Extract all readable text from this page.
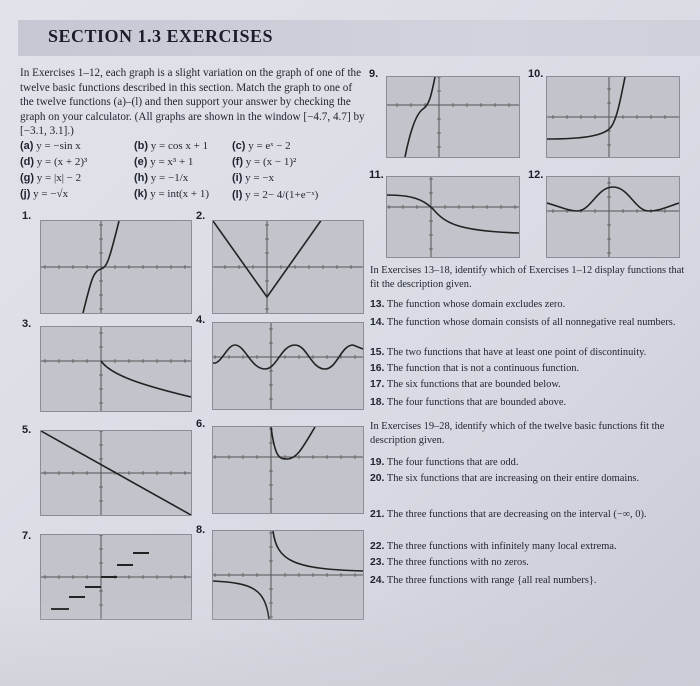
SECTION 1.3 EXERCISES
In Exercises 1–12, each graph is a slight variation on the graph of one of the twelve basic functions described in this section. Match the graph to one of the twelve functions (a)–(l) and then support your answer by checking the graph on your calculator. (All graphs are shown in the window [−4.7, 4.7] by [−3.1, 3.1].)
(a) y = −sin x	(b) y = cos x + 1 (c) y = eˣ − 2
(d) y = (x + 2)³	(e) y = x³ + 1	(f) y = (x − 1)²
(g) y = |x| − 2	(h) y = −1/x	(i) y = −x
(j) y = −√x	(k) y = int(x + 1) (l) y = 2− 4/(1+e⁻ˣ)
1.	2.
3.	4.
5.	6.
7.	8.
9.	10.
11.	12.
In Exercises 13–18, identify which of Exercises 1–12 display functions that fit the description given.
13. The function whose domain excludes zero.
14. The function whose domain consists of all nonnegative real numbers.
15. The two functions that have at least one point of discontinuity.
16. The function that is not a continuous function.
17. The six functions that are bounded below.
18. The four functions that are bounded above.
In Exercises 19–28, identify which of the twelve basic functions fit the description given.
19. The four functions that are odd.
20. The six functions that are increasing on their entire domains.
21. The three functions that are decreasing on the interval (−∞, 0).
22. The three functions with infinitely many local extrema.
23. The three functions with no zeros.
24. The three functions with range {all real numbers}.
